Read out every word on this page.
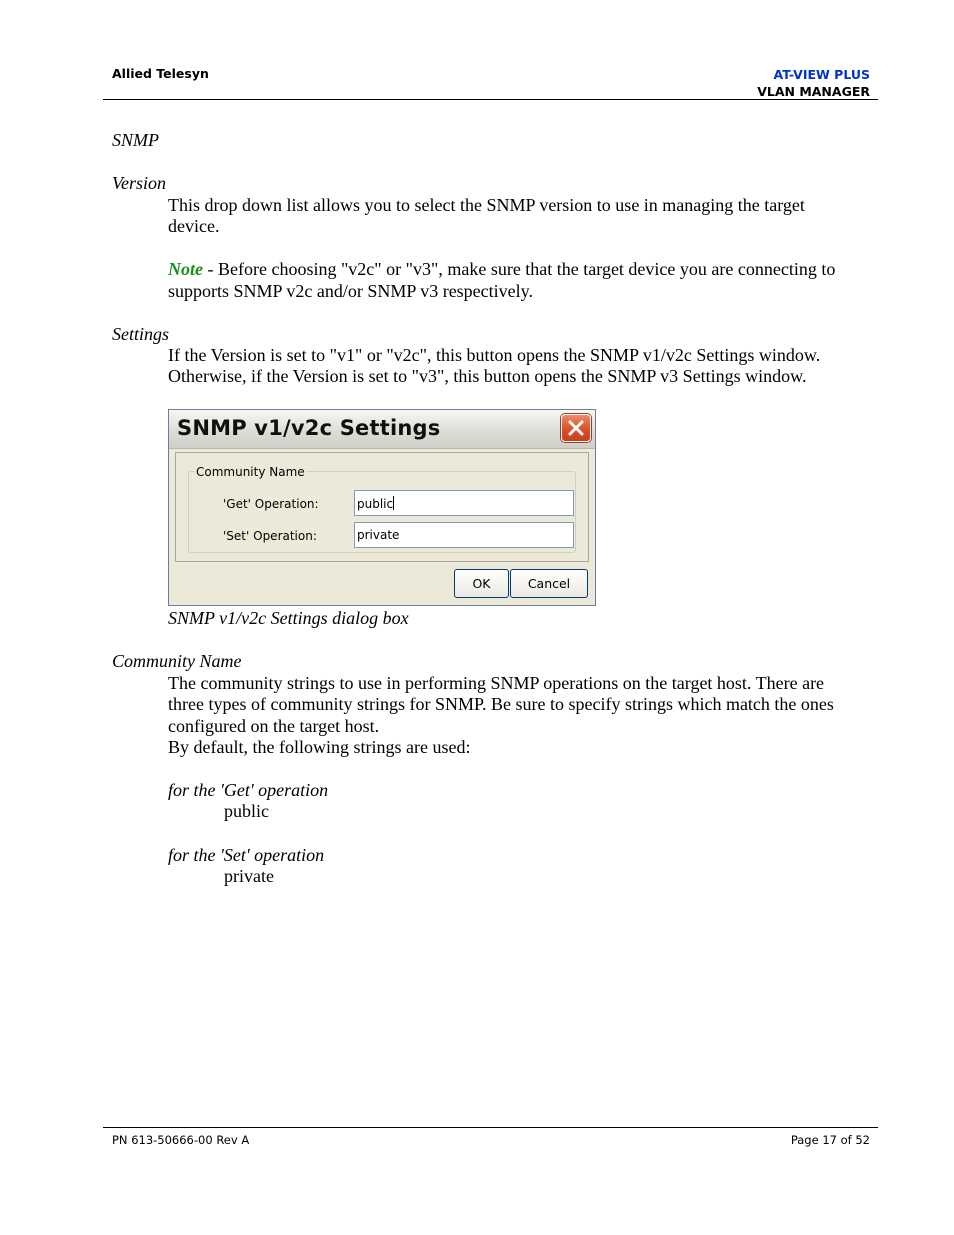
Allied Telesyn	AT-VIEW PLUS
VLAN MANAGER
SNMP
Version
This drop down list allows you to select the SNMP version to use in managing the target
device.
Note - Before choosing "v2c" or "v3", make sure that the target device you are connecting to
supports SNMP v2c and/or SNMP v3 respectively.
Settings
If the Version is set to "v1" or "v2c", this button opens the SNMP v1/v2c Settings window.
Otherwise, if the Version is set to "v3", this button opens the SNMP v3 Settings window.
SNMP v1/v2c Settings
Community Name
'Get' Operation:	public
'Set' Operation:	private
OK	Cancel
SNMP v1/v2c Settings dialog box
Community Name
The community strings to use in performing SNMP operations on the target host. There are
three types of community strings for SNMP. Be sure to specify strings which match the ones
configured on the target host.
By default, the following strings are used:
for the 'Get' operation
public
for the 'Set' operation
private
PN 613-50666-00 Rev A	Page 17 of 52
